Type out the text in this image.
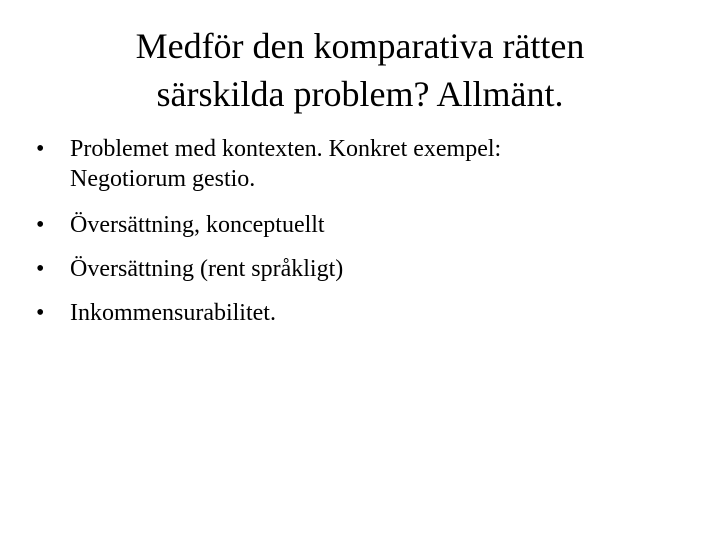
Medför den komparativa rätten
särskilda problem? Allmänt.
•	Problemet med kontexten. Konkret exempel:
Negotiorum gestio.
•	Översättning, konceptuellt
•	Översättning (rent språkligt)
•	Inkommensurabilitet.
